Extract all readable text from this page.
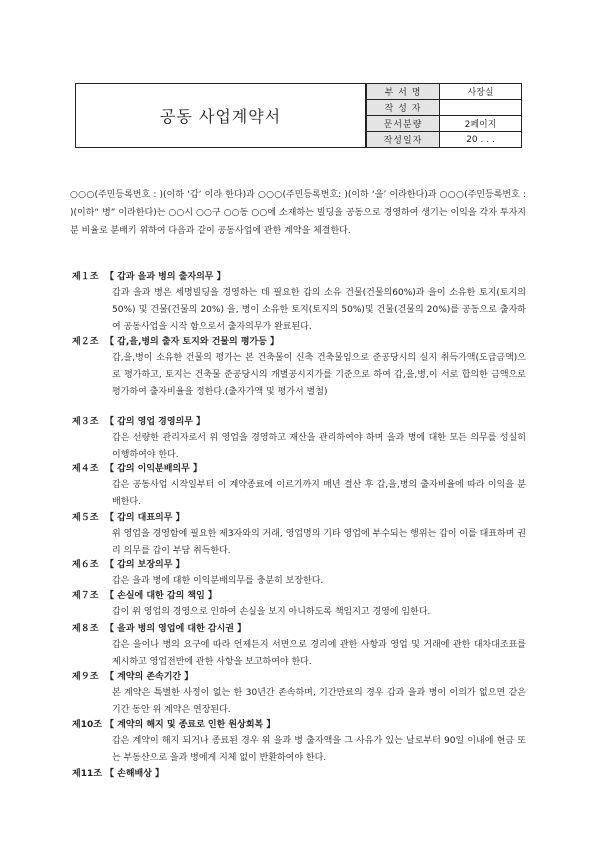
공동 사업계약서
부 서 명	사장실
작 성 자	
문서분량	2페이지
작성일자	20 . . .
○○○(주민등록번호 : )(이하 ‘갑’ 이라 한다)과 ○○○(주민등록번호: )(이하 ‘을’ 이라한다)과 ○○○(주민등록번호 : )(이하“ 병” 이라한다)는 ○○시 ○○구 ○○동 ○○에 소재하는 빌딩을 공동으로 경영하여 생기는 이익을 각자 투자지분 비율로 분배키 위하여 다음과 같이 공동사업에 관한 계약을 체결한다.
제１조 【 갑과 을과 병의 출자의무 】
갑과 을과 병은 세명빌딩을 경영하는 데 필요한 갑의 소유 건물(건물의60%)과 을이 소유한 토지(토지의 50%) 및 건물(건물의 20%) 을, 병이 소유한 토지(토지의 50%)및 건물(건물의 20%)를 공동으로 출자하여 공동사업을 시작 함으로서 출자의무가 완료된다.
제２조 【 갑,을,병의 출자 토지와 건물의 평가등 】
갑,을,병이 소유한 건물의 평가는 본 건축물이 신축 건축물임으로 준공당시의 실지 취득가액(도급금액)으로 평가하고, 토지는 건축물 준공당시의 개별공시지가를 기준으로 하여 갑,을,병,이 서로 합의한 금액으로 평가하여 출자비율을 정한다.(출자가액 및 평가서 별첨)
제３조 【 갑의 영업 경영의무 】
갑은 선량한 관리자로서 위 영업을 경영하고 재산을 관리하여야 하며 을과 병에 대한 모든 의무를 성실히 이행하여야 한다.
제４조 【 갑의 이익분배의무 】
갑은 공동사업 시작일부터 이 계약종료에 이르기까지 매년 결산 후 갑,을,병의 출자비율에 따라 이익을 분배한다.
제５조 【 갑의 대표의무 】
위 영업을 경영함에 필요한 제3자와의 거래, 영업명의 기타 영업에 부수되는 행위는 갑이 이를 대표하며 권리 의무를 갑이 부담 취득한다.
제６조 【 갑의 보장의무 】
갑은 을과 병에 대한 이익분배의무를 충분히 보장한다.
제７조 【 손실에 대한 갑의 책임 】
갑이 위 영업의 경영으로 인하여 손실을 보지 아니하도록 책임지고 경영에 임한다.
제８조 【 을과 병의 영업에 대한 감시권 】
갑은 을이나 병의 요구에 따라 언제든지 서면으로 경리에 관한 사항과 영업 및 거래에 관한 대차대조표를 제시하고 영업전반에 관한 사항을 보고하여야 한다.
제９조 【 계약의 존속기간 】
본 계약은 특별한 사정이 없는 한 30년간 존속하며, 기간만료의 경우 갑과 을과 병이 이의가 없으면 같은 기간 동안 위 계약은 연장된다.
제10조 【 계약의 해지 및 종료로 인한 원상회복 】
갑은 계약이 해지 되거나 종료된 경우 위 을과 병 출자액을 그 사유가 있는 날로부터 90일 이내에 현금 또는 부동산으로 을과 병에게 지체 없이 반환하여야 한다.
제11조 【 손해배상 】
